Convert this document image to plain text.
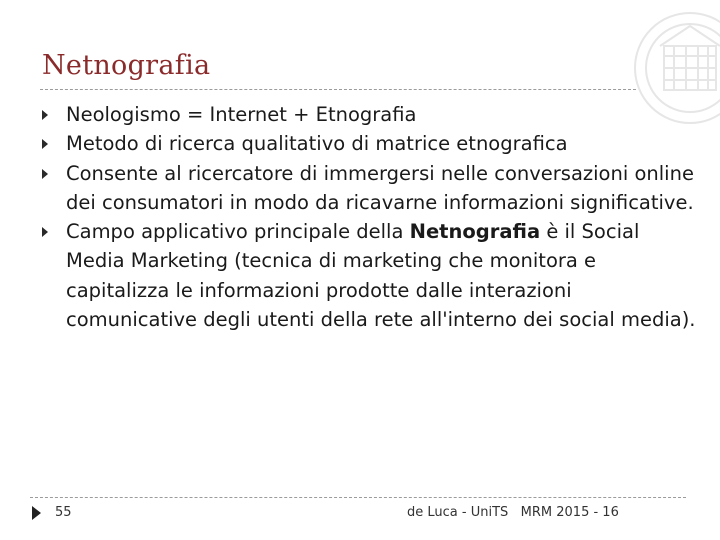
Netnografia
Neologismo = Internet + Etnografia
Metodo di ricerca qualitativo di matrice etnografica
Consente al ricercatore di immergersi nelle conversazioni online dei consumatori in modo da ricavarne informazioni significative.
Campo applicativo principale della Netnografia è il Social Media Marketing (tecnica di marketing che monitora e capitalizza le informazioni prodotte dalle interazioni comunicative degli utenti della rete all'interno dei social media).
55	de Luca - UniTS   MRM 2015 - 16
